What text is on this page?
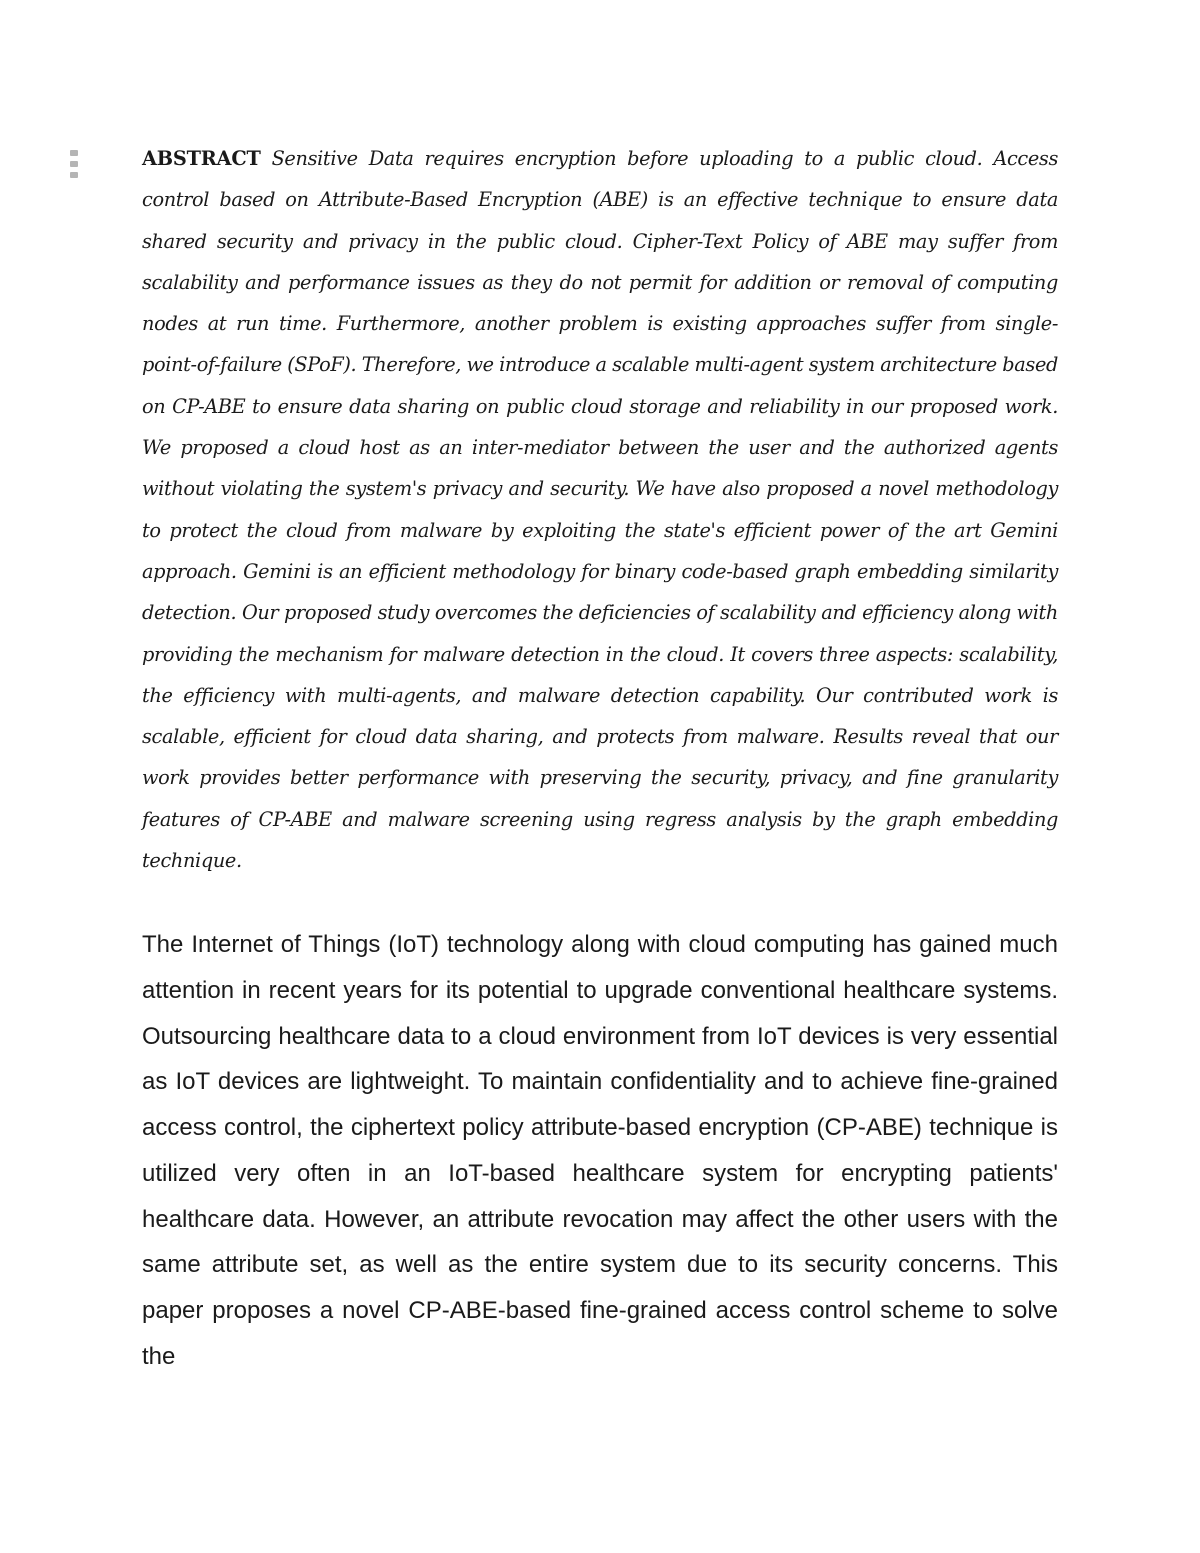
ABSTRACT Sensitive Data requires encryption before uploading to a public cloud. Access control based on Attribute-Based Encryption (ABE) is an effective technique to ensure data shared security and privacy in the public cloud. Cipher-Text Policy of ABE may suffer from scalability and performance issues as they do not permit for addition or removal of computing nodes at run time. Furthermore, another problem is existing approaches suffer from single-point-of-failure (SPoF). Therefore, we introduce a scalable multi-agent system architecture based on CP-ABE to ensure data sharing on public cloud storage and reliability in our proposed work. We proposed a cloud host as an inter-mediator between the user and the authorized agents without violating the system's privacy and security. We have also proposed a novel methodology to protect the cloud from malware by exploiting the state's efficient power of the art Gemini approach. Gemini is an efficient methodology for binary code-based graph embedding similarity detection. Our proposed study overcomes the deficiencies of scalability and efficiency along with providing the mechanism for malware detection in the cloud. It covers three aspects: scalability, the efficiency with multi-agents, and malware detection capability. Our contributed work is scalable, efficient for cloud data sharing, and protects from malware. Results reveal that our work provides better performance with preserving the security, privacy, and fine granularity features of CP-ABE and malware screening using regress analysis by the graph embedding technique.

The Internet of Things (IoT) technology along with cloud computing has gained much attention in recent years for its potential to upgrade conventional healthcare systems. Outsourcing healthcare data to a cloud environment from IoT devices is very essential as IoT devices are lightweight. To maintain confidentiality and to achieve fine-grained access control, the ciphertext policy attribute-based encryption (CP-ABE) technique is utilized very often in an IoT-based healthcare system for encrypting patients' healthcare data. However, an attribute revocation may affect the other users with the same attribute set, as well as the entire system due to its security concerns. This paper proposes a novel CP-ABE-based fine-grained access control scheme to solve the
